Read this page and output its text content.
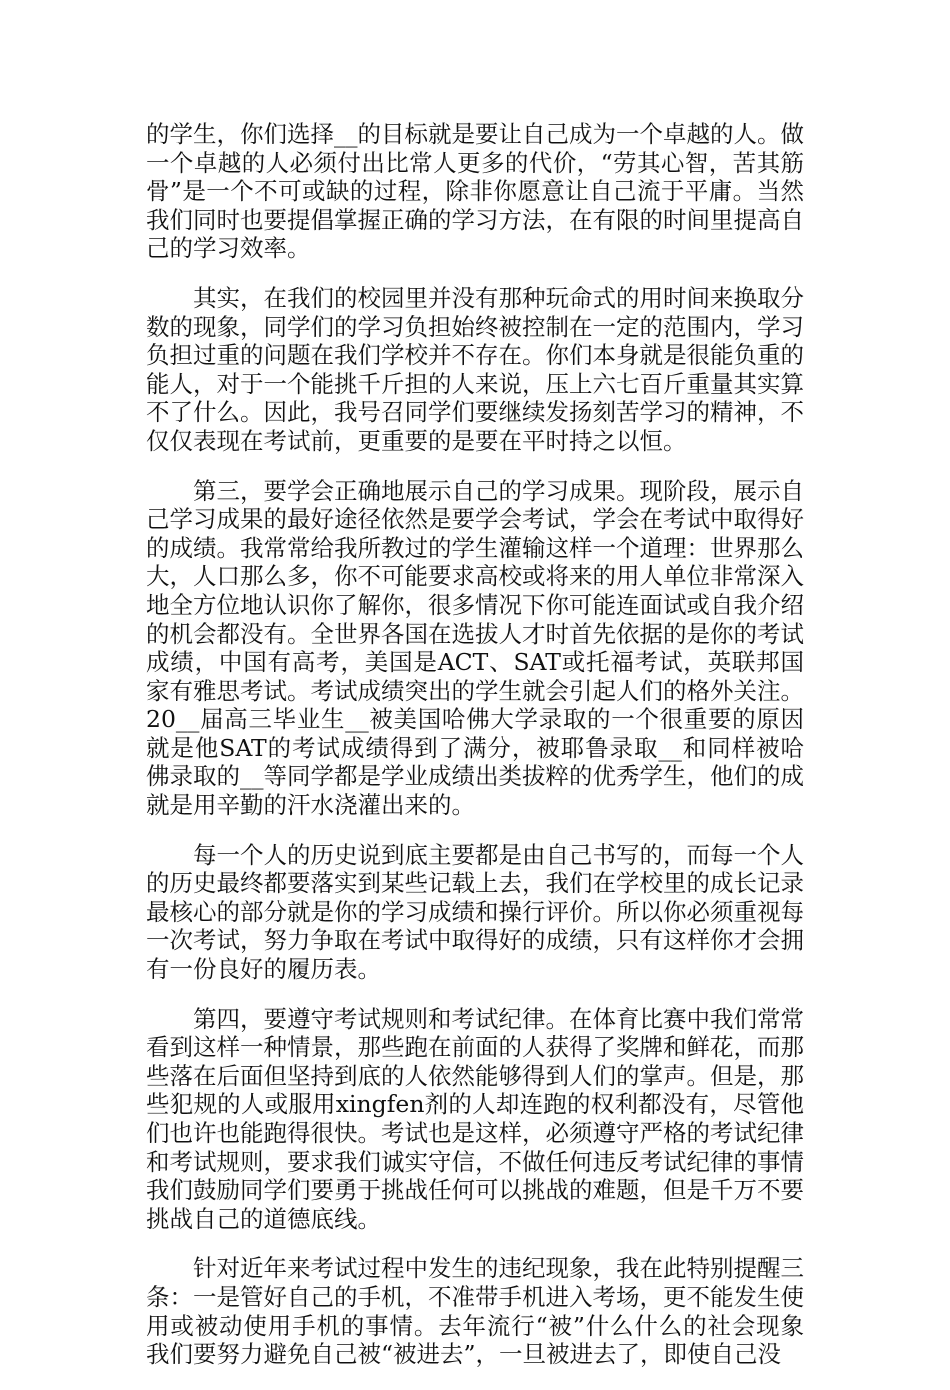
的学生，你们选择__的目标就是要让自己成为一个卓越的人。做一个卓越的人必须付出比常人更多的代价，“劳其心智，苦其筋骨”是一个不可或缺的过程，除非你愿意让自己流于平庸。当然我们同时也要提倡掌握正确的学习方法，在有限的时间里提高自己的学习效率。

其实，在我们的校园里并没有那种玩命式的用时间来换取分数的现象，同学们的学习负担始终被控制在一定的范围内，学习负担过重的问题在我们学校并不存在。你们本身就是很能负重的能人，对于一个能挑千斤担的人来说，压上六七百斤重量其实算不了什么。因此，我号召同学们要继续发扬刻苦学习的精神，不仅仅表现在考试前，更重要的是要在平时持之以恒。

第三，要学会正确地展示自己的学习成果。现阶段，展示自己学习成果的最好途径依然是要学会考试，学会在考试中取得好的成绩。我常常给我所教过的学生灌输这样一个道理：世界那么大，人口那么多，你不可能要求高校或将来的用人单位非常深入地全方位地认识你了解你，很多情况下你可能连面试或自我介绍的机会都没有。全世界各国在选拔人才时首先依据的是你的考试成绩，中国有高考，美国是ACT、SAT或托福考试，英联邦国家有雅思考试。考试成绩突出的学生就会引起人们的格外关注。20__届高三毕业生__被美国哈佛大学录取的一个很重要的原因就是他SAT的考试成绩得到了满分，被耶鲁录取__和同样被哈佛录取的__等同学都是学业成绩出类拔粹的优秀学生，他们的成就是用辛勤的汗水浇灌出来的。

每一个人的历史说到底主要都是由自己书写的，而每一个人的历史最终都要落实到某些记载上去，我们在学校里的成长记录最核心的部分就是你的学习成绩和操行评价。所以你必须重视每一次考试，努力争取在考试中取得好的成绩，只有这样你才会拥有一份良好的履历表。

第四，要遵守考试规则和考试纪律。在体育比赛中我们常常看到这样一种情景，那些跑在前面的人获得了奖牌和鲜花，而那些落在后面但坚持到底的人依然能够得到人们的掌声。但是，那些犯规的人或服用xingfen剂的人却连跑的权利都没有，尽管他们也许也能跑得很快。考试也是这样，必须遵守严格的考试纪律和考试规则，要求我们诚实守信，不做任何违反考试纪律的事情我们鼓励同学们要勇于挑战任何可以挑战的难题，但是千万不要挑战自己的道德底线。

针对近年来考试过程中发生的违纪现象，我在此特别提醒三条：一是管好自己的手机，不准带手机进入考场，更不能发生使用或被动使用手机的事情。去年流行“被”什么什么的社会现象我们要努力避免自己被“被进去”，一旦被进去了，即使自己没
